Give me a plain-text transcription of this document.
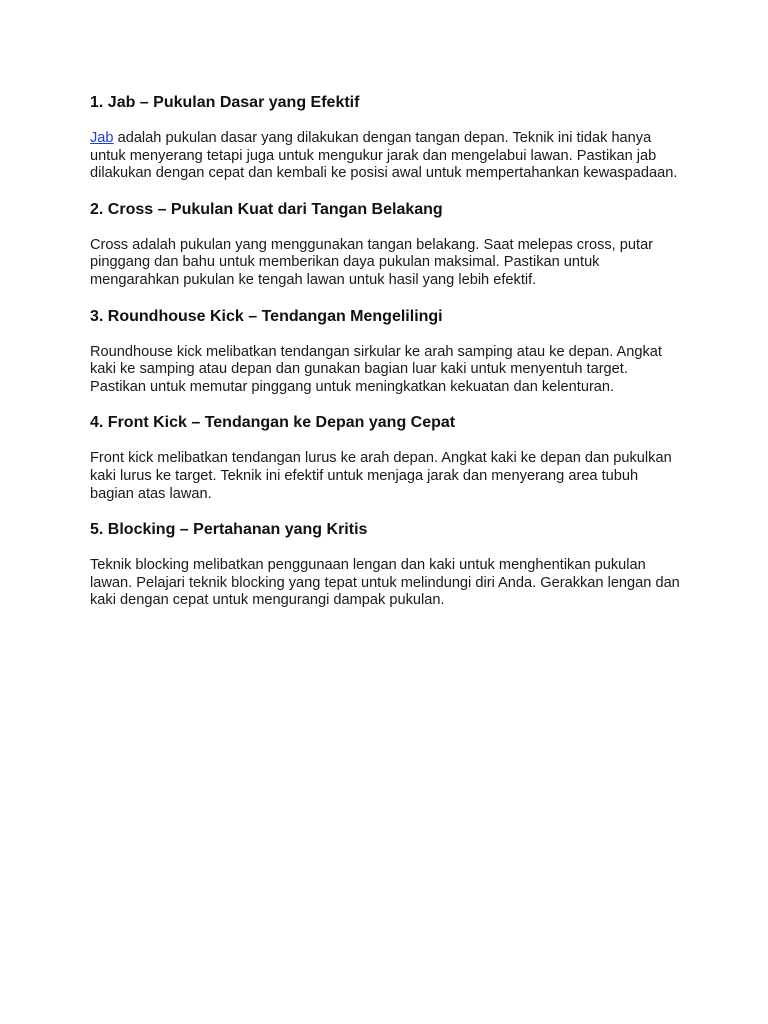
1. Jab – Pukulan Dasar yang Efektif

Jab adalah pukulan dasar yang dilakukan dengan tangan depan. Teknik ini tidak hanya untuk menyerang tetapi juga untuk mengukur jarak dan mengelabui lawan. Pastikan jab dilakukan dengan cepat dan kembali ke posisi awal untuk mempertahankan kewaspadaan.

2. Cross – Pukulan Kuat dari Tangan Belakang

Cross adalah pukulan yang menggunakan tangan belakang. Saat melepas cross, putar pinggang dan bahu untuk memberikan daya pukulan maksimal. Pastikan untuk mengarahkan pukulan ke tengah lawan untuk hasil yang lebih efektif.

3. Roundhouse Kick – Tendangan Mengelilingi

Roundhouse kick melibatkan tendangan sirkular ke arah samping atau ke depan. Angkat kaki ke samping atau depan dan gunakan bagian luar kaki untuk menyentuh target. Pastikan untuk memutar pinggang untuk meningkatkan kekuatan dan kelenturan.

4. Front Kick – Tendangan ke Depan yang Cepat

Front kick melibatkan tendangan lurus ke arah depan. Angkat kaki ke depan dan pukulkan kaki lurus ke target. Teknik ini efektif untuk menjaga jarak dan menyerang area tubuh bagian atas lawan.

5. Blocking – Pertahanan yang Kritis

Teknik blocking melibatkan penggunaan lengan dan kaki untuk menghentikan pukulan lawan. Pelajari teknik blocking yang tepat untuk melindungi diri Anda. Gerakkan lengan dan kaki dengan cepat untuk mengurangi dampak pukulan.
